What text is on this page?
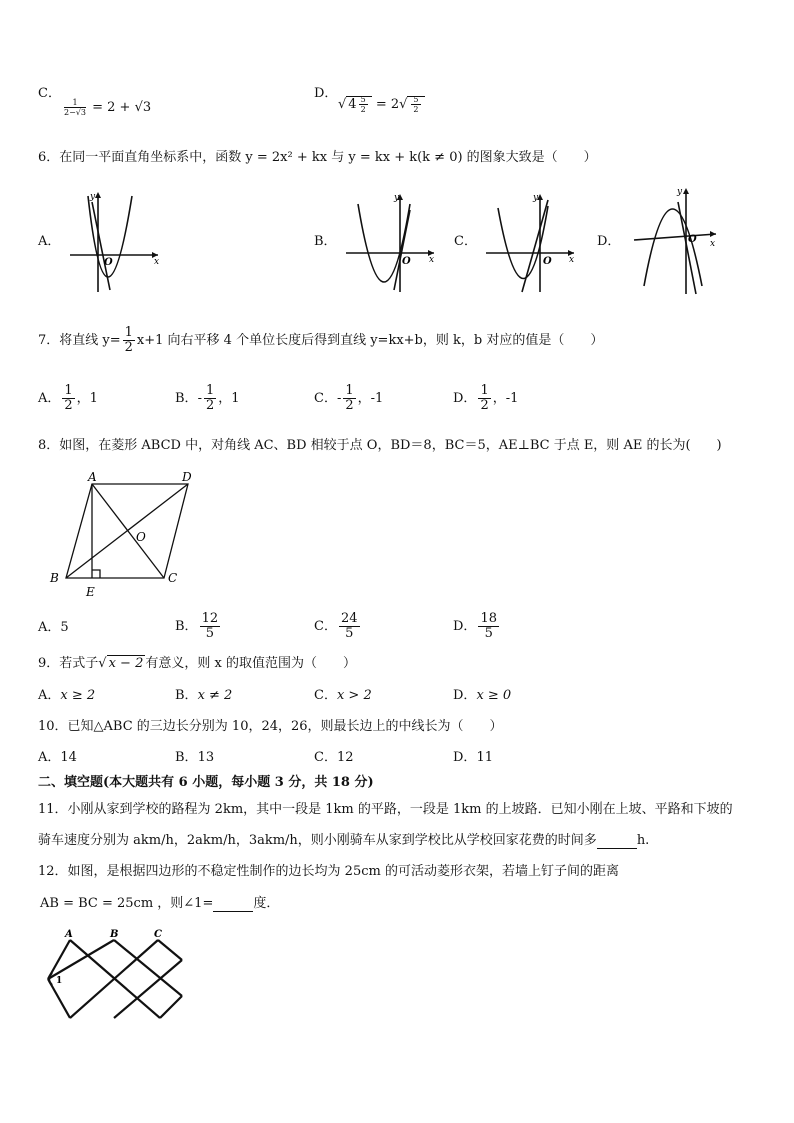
C．
$\frac{1}{2-√3} = 2 + √3$
D．
√ $4 \frac{5}{2} = 2√ \frac{5}{2}$
6．在同一平面直角坐标系中，函数 y = 2x² + kx 与 y = kx + k(k ≠ 0) 的图象大致是（　　）
A．	B．	C．	D．
x
y
O	x
y
O	x
y
O
x
y
O
7．将直线 $y= \frac{1}{2} x+1$ 向右平移 4 个单位长度后得到直线 y=kx+b，则 k，b 对应的值是（　　）
A． $\frac{1}{2}$ ，1	B．- $\frac{1}{2}$ ，1	C．- $\frac{1}{2}$ ，-1	D． $\frac{1}{2}$ ，-1
8．如图，在菱形 ABCD 中，对角线 AC、BD 相较于点 O，BD＝8，BC＝5，AE⊥BC 于点 E，则 AE 的长为(　　)
A	D
B	C
E
O
A．5	B． $\frac{12}{5}$	C． $\frac{24}{5}$	D． $\frac{18}{5}$
9．若式子√ x − 2 有意义，则 x 的取值范围为（　　）
A．x ≥ 2	B．x ≠ 2	C．x > 2	D．x ≥ 0
10．已知△ABC 的三边长分别为 10，24，26，则最长边上的中线长为（　　）
A．14	B．13	C．12	D．11
二、填空题(本大题共有 6 小题，每小题 3 分，共 18 分)
11．小刚从家到学校的路程为 2km，其中一段是 1km 的平路，一段是 1km 的上坡路．已知小刚在上坡、平路和下坡的
骑车速度分别为 akm/h，2akm/h，3akm/h，则小刚骑车从家到学校比从学校回家花费的时间多	h.
12．如图，是根据四边形的不稳定性制作的边长均为 25cm 的可活动菱形衣架，若墙上钉子间的距离
AB = BC = 25cm ，则∠1=	度．
A	B	C
1
